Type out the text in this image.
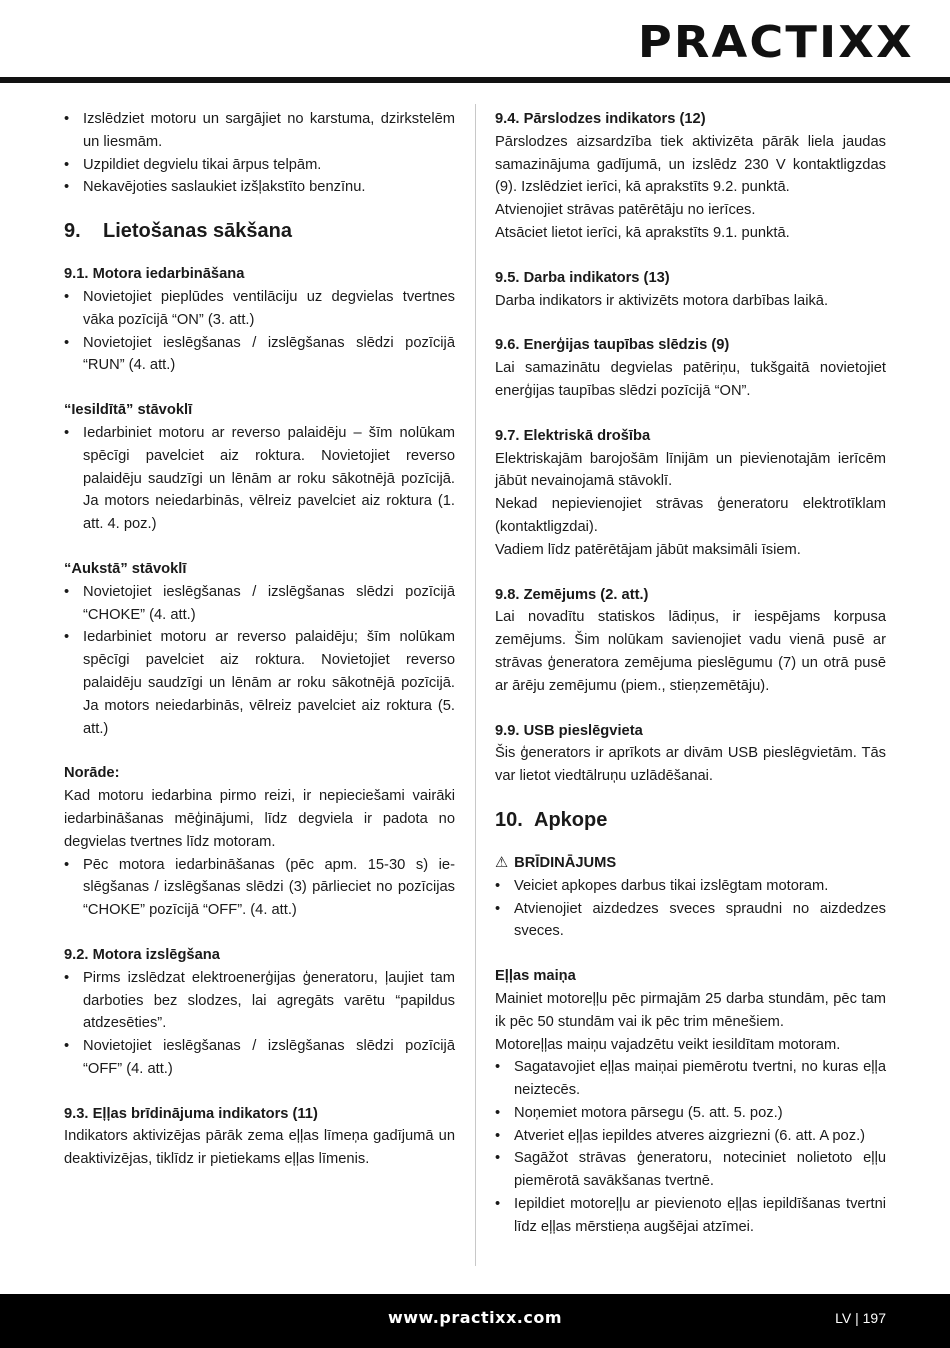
PRACTIXX
• Izslēdziet motoru un sargājiet no karstuma, dzirkstelēm un liesmām.
• Uzpildiet degvielu tikai ārpus telpām.
• Nekavējoties saslaukiet izšļakstīto benzīnu.
9. Lietošanas sākšana
9.1. Motora iedarbināšana
• Novietojiet pieplūdes ventilāciju uz degvielas tvertnes vāka pozīcijā “ON” (3. att.)
• Novietojiet ieslēgšanas / izslēgšanas slēdzi pozīcijā “RUN” (4. att.)
“Iesildītā” stāvoklī
• Iedarbiniet motoru ar reverso palaidēju – šīm nolūkam spēcīgi pavelciet aiz roktura. Novietojiet reverso palaidēju saudzīgi un lēnām ar roku sākotnējā pozīcijā. Ja motors neiedarbinās, vēlreiz pavelciet aiz roktura (1. att. 4. poz.)
“Aukstā” stāvoklī
• Novietojiet ieslēgšanas / izslēgšanas slēdzi pozīcijā “CHOKE” (4. att.)
• Iedarbiniet motoru ar reverso palaidēju; šīm nolūkam spēcīgi pavelciet aiz roktura. Novietojiet reverso palaidēju saudzīgi un lēnām ar roku sākotnējā pozīcijā. Ja motors neiedarbinās, vēlreiz pavelciet aiz roktura (5. att.)
Norāde:

Kad motoru iedarbina pirmo reizi, ir nepieciešami vairāki iedarbināšanas mēģinājumi, līdz degviela ir padota no degvielas tvertnes līdz motoram.

• Pēc motora iedarbināšanas (pēc apm. 15-30 s) ieslēgšanas / izslēgšanas slēdzi (3) pārlieciet no pozīcijas “CHOKE” pozīcijā “OFF”. (4. att.)
9.2. Motora izslēgšana
• Pirms izslēdzat elektroenerģijas ģeneratoru, ļaujiet tam darboties bez slodzes, lai agregāts varētu “papildus atdzesēties”.
• Novietojiet ieslēgšanas / izslēgšanas slēdzi pozīcijā “OFF” (4. att.)
9.3. Eļļas brīdinājuma indikators (11)

Indikators aktivizējas pārāk zema eļļas līmeņa gadījumā un deaktivizējas, tiklīdz ir pietiekams eļļas līmenis.

9.4. Pārslodzes indikators (12)

Pārslodzes aizsardzība tiek aktivizēta pārāk liela jaudas samazinājuma gadījumā, un izslēdz 230 V kontaktligzdas (9). Izslēdziet ierīci, kā aprakstīts 9.2. punktā.

Atvienojiet strāvas patērētāju no ierīces.

Atsāciet lietot ierīci, kā aprakstīts 9.1. punktā.

9.5. Darba indikators (13)

Darba indikators ir aktivizēts motora darbības laikā.

9.6. Enerģijas taupības slēdzis (9)

Lai samazinātu degvielas patēriņu, tukšgaitā novietojiet enerģijas taupības slēdzi pozīcijā “ON”.

9.7. Elektriskā drošība

Elektriskajām barojošām līnijām un pievienotajām ierīcēm jābūt nevainojamā stāvoklī.

Nekad nepievienojiet strāvas ģeneratoru elektrotīklam (kontaktligzdai).

Vadiem līdz patērētājam jābūt maksimāli īsiem.

9.8. Zemējums (2. att.)

Lai novadītu statiskos lādiņus, ir iespējams korpusa zemējums. Šim nolūkam savienojiet vadu vienā pusē ar strāvas ģeneratora zemējuma pieslēgumu (7) un otrā pusē ar ārēju zemējumu (piem., stieņzemētāju).

9.9. USB pieslēgvieta

Šis ģenerators ir aprīkots ar divām USB pieslēgvietām. Tās var lietot viedtālruņu uzlādēšanai.

10. Apkope
⚠ BRĪDINĀJUMS
• Veiciet apkopes darbus tikai izslēgtam motoram.
• Atvienojiet aizdedzes sveces spraudni no aizdedzes sveces.
Eļļas maiņa

Mainiet motoreļļu pēc pirmajām 25 darba stundām, pēc tam ik pēc 50 stundām vai ik pēc trim mēnešiem.

Motoreļļas maiņu vajadzētu veikt iesildītam motoram.

• Sagatavojiet eļļas maiņai piemērotu tvertni, no kuras eļļa neiztecēs.
• Noņemiet motora pārsegu (5. att. 5. poz.)
• Atveriet eļļas iepildes atveres aizgriezni (6. att. A poz.)
• Sagāžot strāvas ģeneratoru, noteciniet nolietoto eļļu piemērotā savākšanas tvertnē.
• Iepildiet motoreļļu ar pievienoto eļļas iepildīšanas tvertni līdz eļļas mērstieņa augšējai atzīmei.
www.practixx.com	LV | 197
